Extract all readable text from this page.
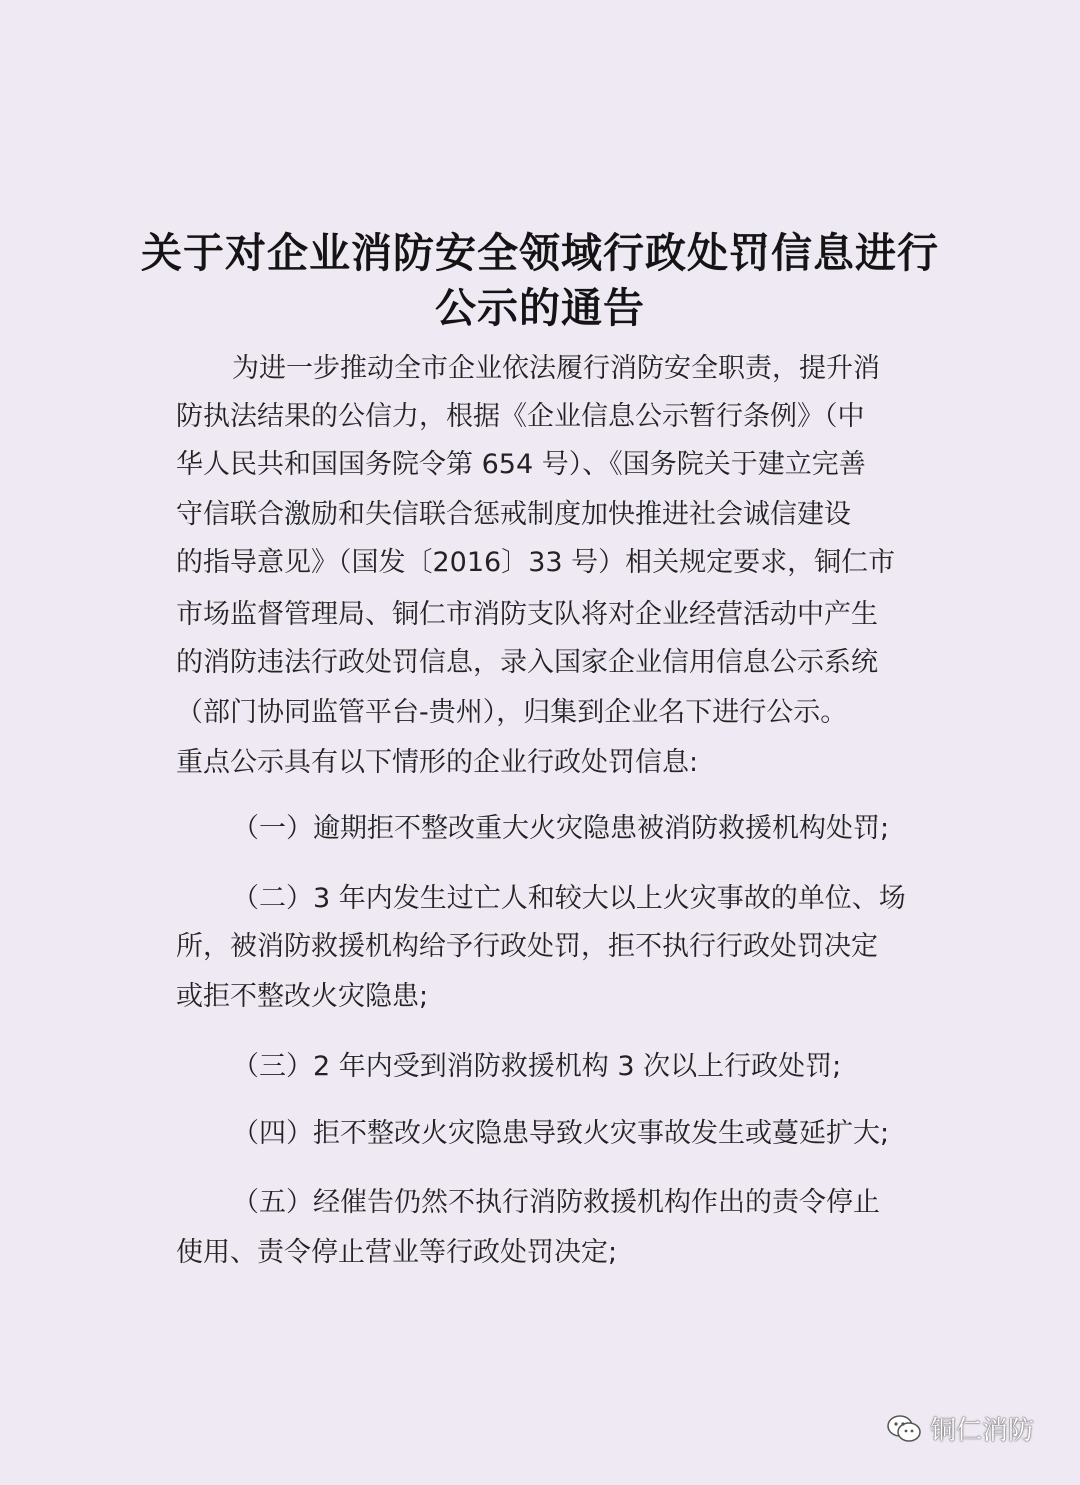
关于对企业消防安全领域行政处罚信息进行
公示的通告
为进一步推动全市企业依法履行消防安全职责，提升消
防执法结果的公信力，根据《企业信息公示暂行条例》（中
华人民共和国国务院令第 654 号）、《国务院关于建立完善
守信联合激励和失信联合惩戒制度加快推进社会诚信建设
的指导意见》（国发〔2016〕33 号）相关规定要求，铜仁市
市场监督管理局、铜仁市消防支队将对企业经营活动中产生
的消防违法行政处罚信息，录入国家企业信用信息公示系统
（部门协同监管平台-贵州），归集到企业名下进行公示。
重点公示具有以下情形的企业行政处罚信息:
（一）逾期拒不整改重大火灾隐患被消防救援机构处罚;
（二）3 年内发生过亡人和较大以上火灾事故的单位、场
所，被消防救援机构给予行政处罚，拒不执行行政处罚决定
或拒不整改火灾隐患;
（三）2 年内受到消防救援机构 3 次以上行政处罚;
（四）拒不整改火灾隐患导致火灾事故发生或蔓延扩大;
（五）经催告仍然不执行消防救援机构作出的责令停止
使用、责令停止营业等行政处罚决定;
铜仁消防
